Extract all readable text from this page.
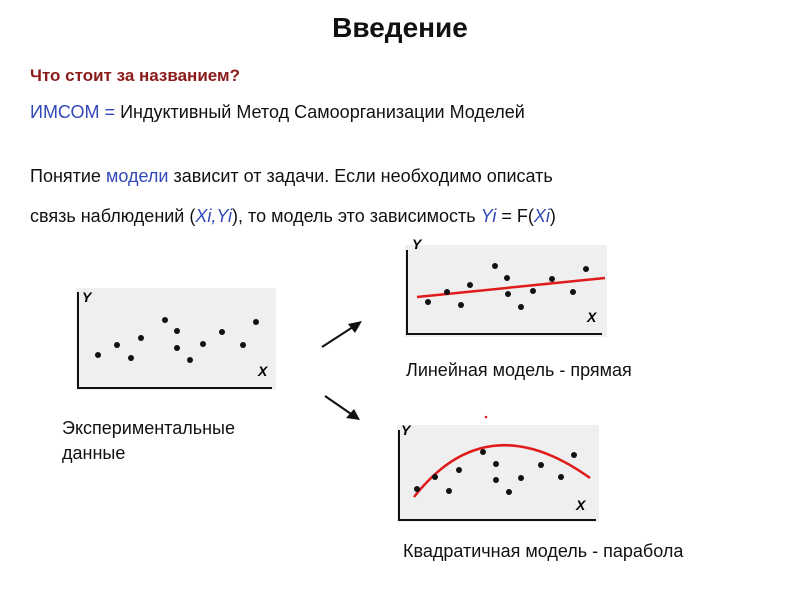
Введение
Что стоит за названием?
ИМСОМ = Индуктивный Метод Самоорганизации Моделей
Понятие модели зависит от задачи. Если необходимо описать
связь наблюдений (Xi,Yi), то модель это зависимость Yi = F(Xi)
Y
X
Y
X
Y
X
Линейная модель - прямая
Экспериментальные данные
Квадратичная модель - парабола
